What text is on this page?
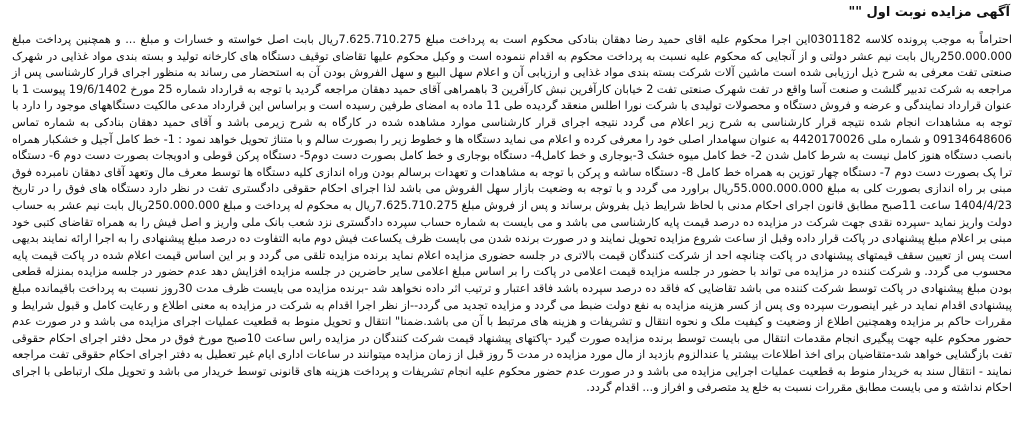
آگهی مزایده نوبت اول ""

احتراماً به موجب پرونده کلاسه 0301182این اجرا محکوم علیه اقای حمید رضا دهقان بنادکی محکوم است به پرداخت مبلغ 7.625.710.275ریال بابت اصل خواسته و خسارات و مبلغ ... و همچنین پرداخت مبلغ 250.000.000ریال بابت نیم عشر دولتی و از آنجایی که محکوم علیه نسبت به پرداخت محکوم به اقدام ننموده است و وکیل محکوم علیها تقاضای توقیف دستگاه های کارخانه تولید و بسته بندی مواد غذایی در شهرک صنعتی تفت معرفی به شرح ذیل ارزیابی شده است ماشین آلات شرکت بسته بندی مواد غذایی و ارزیابی آن و اعلام سهل البیع و سهل الفروش بودن آن به استحضار می رساند به منظور اجرای قرار کارشناسی پس از مراجعه به شرکت تدبیر گلشت و صنعت آسا واقع در تفت شهرک صنعتی تفت 2 خیابان کارآفرین نبش کارآفرین 3 باهمراهی آقای حمید دهقان مراجعه گردید با توجه به قرارداد شماره 25 مورخ 19/6/1402 پیوست 1 با عنوان قرارداد نمایندگی و عرضه و فروش دستگاه و محصولات تولیدی با شرکت نورا اطلس منعقد گردیده طی 11 ماده به امضای طرفین رسیده است و براساس این قرارداد مدعی مالکیت دستگاههای موجود را دارد با توجه به مشاهدات انجام شده نتیجه قرار کارشناسی به شرح زیر اعلام می گردد نتیجه اجرای قرار کارشناسی موارد مشاهده شده در کارگاه به شرح زیرمی باشد و آقای حمید دهقان بنادکی به شماره تماس 09134648606 و شماره ملی 4420170026 به عنوان سهامدار اصلی خود را معرفی کرده و اعلام می نماید دستگاه ها و خطوط زیر را بصورت سالم و با متناژ تحویل خواهد نمود : 1- خط کامل آجیل و خشکبار همراه بانصب دستگاه هنوز کامل نیست به شرط کامل شدن 2- خط کامل میوه خشک 3-بوجاری و خط کامل4- دستگاه بوجاری و خط کامل بصورت دست دوم5- دستگاه پرکن قوطی و ادویجات بصورت دست دوم 6- دستگاه ترا پک بصورت دست دوم 7- دستگاه چهار توزین به همراه خط کامل 8- دستگاه ساشه و پرکن با توجه به مشاهدات و تعهدات برسالم بودن وراه اندازی کلیه دستگاه ها توسط معرف مال وتعهد آقای دهقان نامبرده فوق مبنی بر راه اندازی بصورت کلی به مبلغ 55.000.000.000ریال براورد می گردد و با توجه به وضعیت بازار سهل الفروش می باشد لذا اجرای احکام حقوقی دادگستری تفت در نظر دارد دستگاه های فوق را در تاریخ 1404/4/23 ساعت 11صبح مطابق قانون اجرای احکام مدنی با لحاظ شرایط ذیل بفروش برساند و پس از فروش مبلغ 7.625.710.275ریال به محکوم له پرداخت و مبلغ 250.000.000ریال بابت نیم عشر به حساب دولت واریز نماید -سپرده نقدی جهت شرکت در مزایده ده درصد قیمت پایه کارشناسی می باشد و می بایست به شماره حساب سپرده دادگستری نزد شعب بانک ملی واریز و اصل فیش را به همراه تقاضای کتبی خود مبنی بر اعلام مبلغ پیشنهادی در پاکت قرار داده وقبل از ساعت شروع مزایده تحویل نمایند و در صورت برنده شدن می بایست ظرف یکساعت فیش دوم مابه التفاوت ده درصد مبلغ پیشنهادی را به اجرا ارائه نمایند بدیهی است پس از تعیین سقف قیمتهای پیشنهادی در پاکت چنانچه احد از شرکت کنندگان قیمت بالاتری در جلسه حضوری مزایده اعلام نماید برنده مزایده تلقی می گردد و بر این اساس قیمت اعلام شده در پاکت قیمت پایه محسوب می گردد. و شرکت کننده در مزایده می تواند با حضور در جلسه مزایده قیمت اعلامی در پاکت را بر اساس مبلغ اعلامی سایر حاضرین در جلسه مزایده افزایش دهد عدم حضور در جلسه مزایده بمنزله قطعی بودن مبلغ پیشنهادی در پاکت توسط شرکت کننده می باشد تقاضایی که فاقد ده درصد سپرده باشد فاقد اعتبار و ترتیب اثر داده نخواهد شد -برنده مزایده می بایست ظرف مدت 30روز نسبت به پرداخت باقیمانده مبلغ پیشنهادی اقدام نماید در غیر اینصورت سپرده وی پس از کسر هزینه مزایده به نفع دولت ضبط می گردد و مزایده تجدید می گردد--از نظر اجرا اقدام به شرکت در مزایده به معنی اطلاع و رعایت کامل و قبول شرایط و مقررات حاکم بر مزایده وهمچنین اطلاع از وضعیت و کیفیت ملک و نحوه انتقال و تشریفات و هزینه های مرتبط با آن می باشد.ضمنا" انتقال و تحویل منوط به قطعیت عملیات اجرای مزایده می باشد و در صورت عدم حضور محکوم علیه جهت پیگیری انجام مقدمات انتقال می بایست توسط برنده مزایده صورت گیرد -پاکتهای پیشنهاد قیمت شرکت کنندگان در مزایده راس ساعت 10صبح مورخ فوق در محل دفتر اجرای احکام حقوقی تفت بازگشایی خواهد شد-متقاضیان برای اخذ اطلاعات بیشتر یا عندالزوم بازدید از مال مورد مزایده در مدت 5 روز قبل از زمان مزایده میتوانند در ساعات اداری ایام غیر تعطیل به دفتر اجرای احکام حقوقی تفت مراجعه نمایند - انتقال سند به خریدار منوط به قطعیت عملیات اجرایی مزایده می باشد و در صورت عدم حضور محکوم علیه انجام تشریفات و پرداخت هزینه های قانونی توسط خریدار می باشد و تحویل ملک ارتباطی با اجرای احکام نداشته و می بایست مطابق مقررات نسبت به خلع ید متصرفی و افراز و... اقدام گردد.
